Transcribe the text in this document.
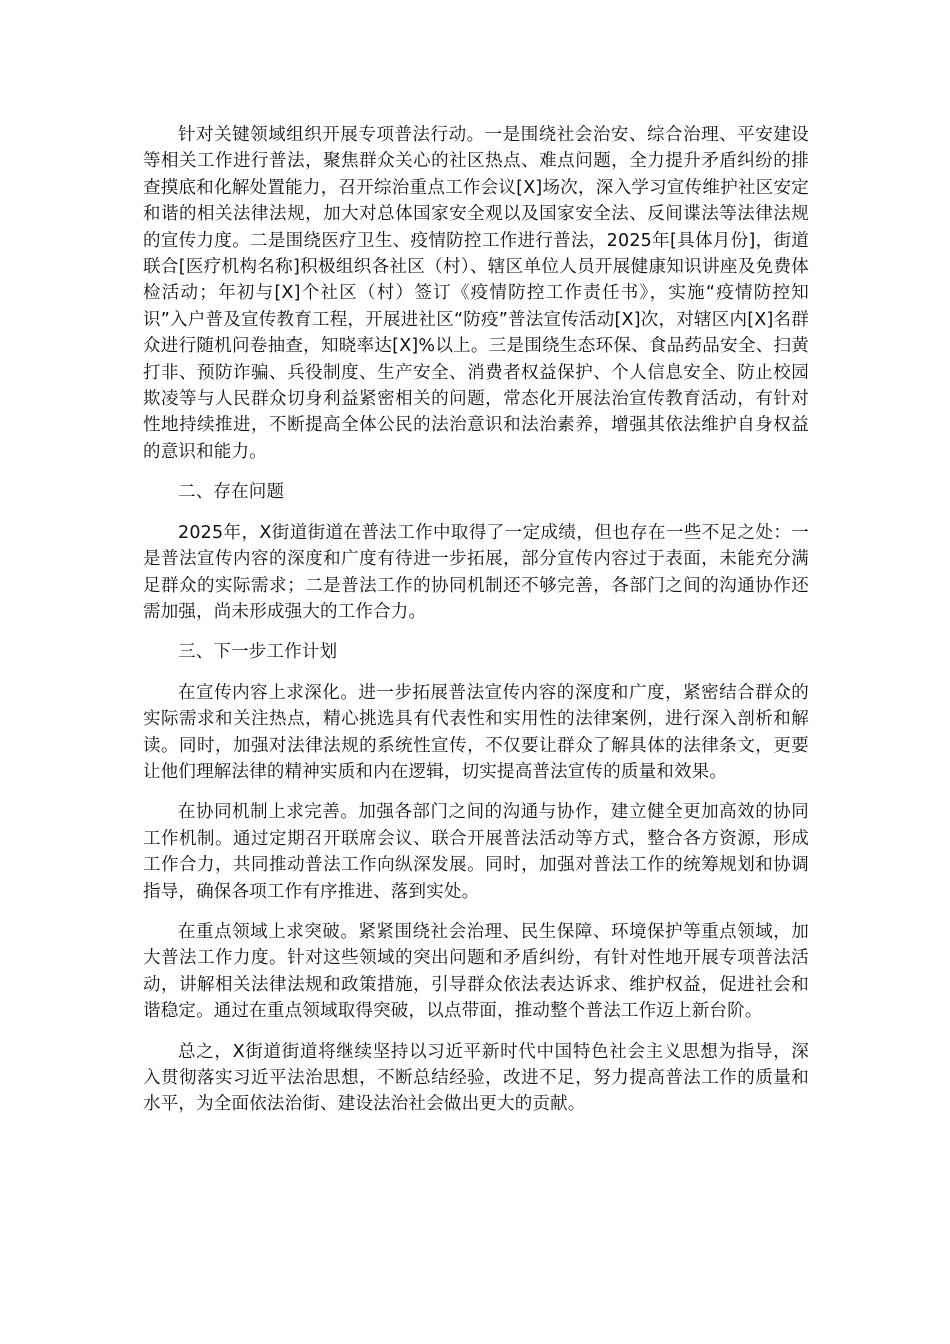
针对关键领域组织开展专项普法行动。一是围绕社会治安、综合治理、平安建设等相关工作进行普法，聚焦群众关心的社区热点、难点问题，全力提升矛盾纠纷的排查摸底和化解处置能力，召开综治重点工作会议[X]场次，深入学习宣传维护社区安定和谐的相关法律法规，加大对总体国家安全观以及国家安全法、反间谍法等法律法规的宣传力度。二是围绕医疗卫生、疫情防控工作进行普法，2025年[具体月份]，街道联合[医疗机构名称]积极组织各社区（村）、辖区单位人员开展健康知识讲座及免费体检活动；年初与[X]个社区（村）签订《疫情防控工作责任书》，实施“疫情防控知识”入户普及宣传教育工程，开展进社区“防疫”普法宣传活动[X]次，对辖区内[X]名群众进行随机问卷抽查，知晓率达[X]%以上。三是围绕生态环保、食品药品安全、扫黄打非、预防诈骗、兵役制度、生产安全、消费者权益保护、个人信息安全、防止校园欺凌等与人民群众切身利益紧密相关的问题，常态化开展法治宣传教育活动，有针对性地持续推进，不断提高全体公民的法治意识和法治素养，增强其依法维护自身权益的意识和能力。

二、存在问题

2025年，X街道街道在普法工作中取得了一定成绩，但也存在一些不足之处：一是普法宣传内容的深度和广度有待进一步拓展，部分宣传内容过于表面，未能充分满足群众的实际需求；二是普法工作的协同机制还不够完善，各部门之间的沟通协作还需加强，尚未形成强大的工作合力。

三、下一步工作计划

在宣传内容上求深化。进一步拓展普法宣传内容的深度和广度，紧密结合群众的实际需求和关注热点，精心挑选具有代表性和实用性的法律案例，进行深入剖析和解读。同时，加强对法律法规的系统性宣传，不仅要让群众了解具体的法律条文，更要让他们理解法律的精神实质和内在逻辑，切实提高普法宣传的质量和效果。

在协同机制上求完善。加强各部门之间的沟通与协作，建立健全更加高效的协同工作机制。通过定期召开联席会议、联合开展普法活动等方式，整合各方资源，形成工作合力，共同推动普法工作向纵深发展。同时，加强对普法工作的统筹规划和协调指导，确保各项工作有序推进、落到实处。

在重点领域上求突破。紧紧围绕社会治理、民生保障、环境保护等重点领域，加大普法工作力度。针对这些领域的突出问题和矛盾纠纷，有针对性地开展专项普法活动，讲解相关法律法规和政策措施，引导群众依法表达诉求、维护权益，促进社会和谐稳定。通过在重点领域取得突破，以点带面，推动整个普法工作迈上新台阶。

总之，X街道街道将继续坚持以习近平新时代中国特色社会主义思想为指导，深入贯彻落实习近平法治思想，不断总结经验，改进不足，努力提高普法工作的质量和水平，为全面依法治街、建设法治社会做出更大的贡献。
